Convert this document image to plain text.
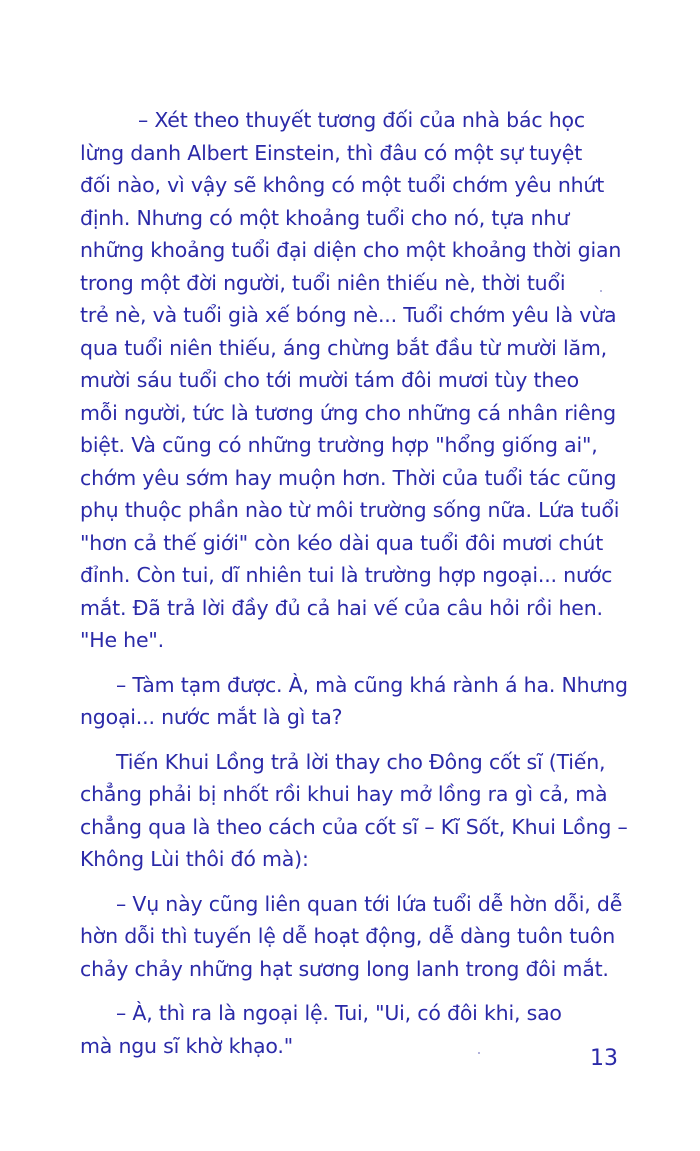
– Xét theo thuyết tương đối của nhà bác học
lừng danh Albert Einstein, thì đâu có một sự tuyệt
đối nào, vì vậy sẽ không có một tuổi chớm yêu nhứt
định. Nhưng có một khoảng tuổi cho nó, tựa như
những khoảng tuổi đại diện cho một khoảng thời gian
trong một đời người, tuổi niên thiếu nè, thời tuổi
trẻ nè, và tuổi già xế bóng nè... Tuổi chớm yêu là vừa
qua tuổi niên thiếu, áng chừng bắt đầu từ mười lăm,
mười sáu tuổi cho tới mười tám đôi mươi tùy theo
mỗi người, tức là tương ứng cho những cá nhân riêng
biệt. Và cũng có những trường hợp "hổng giống ai",
chớm yêu sớm hay muộn hơn. Thời của tuổi tác cũng
phụ thuộc phần nào từ môi trường sống nữa. Lứa tuổi
"hơn cả thế giới" còn kéo dài qua tuổi đôi mươi chút
đỉnh. Còn tui, dĩ nhiên tui là trường hợp ngoại... nước
mắt. Đã trả lời đầy đủ cả hai vế của câu hỏi rồi hen.
"He he".
– Tàm tạm được. À, mà cũng khá rành á ha. Nhưng
ngoại... nước mắt là gì ta?
Tiến Khui Lồng trả lời thay cho Đông cốt sĩ (Tiến,
chẳng phải bị nhốt rồi khui hay mở lồng ra gì cả, mà
chẳng qua là theo cách của cốt sĩ – Kĩ Sốt, Khui Lồng –
Không Lùi thôi đó mà):
– Vụ này cũng liên quan tới lứa tuổi dễ hờn dỗi, dễ
hờn dỗi thì tuyến lệ dễ hoạt động, dễ dàng tuôn tuôn
chảy chảy những hạt sương long lanh trong đôi mắt.
– À, thì ra là ngoại lệ. Tui, "Ui, có đôi khi, sao
mà ngu sĩ khờ khạo."
13
